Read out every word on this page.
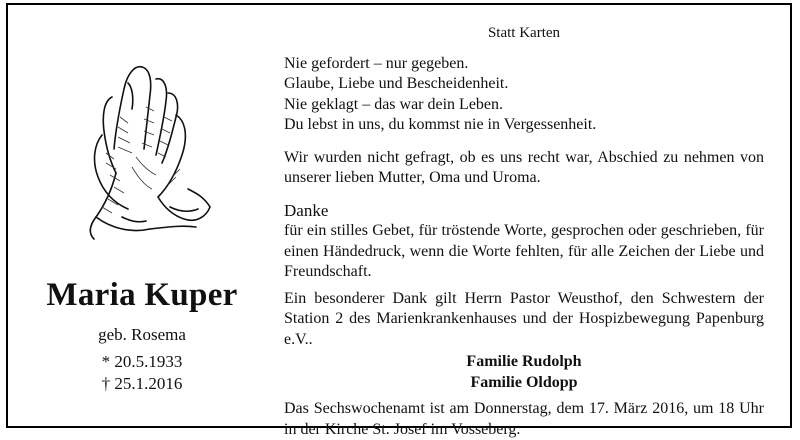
Maria Kuper
geb. Rosema
* 20.5.1933
† 25.1.2016
Statt Karten

Nie gefordert – nur gegeben.

Glaube, Liebe und Bescheidenheit.

Nie geklagt – das war dein Leben.

Du lebst in uns, du kommst nie in Vergessenheit.

Wir wurden nicht gefragt, ob es uns recht war, Abschied zu nehmen von unserer lieben Mutter, Oma und Uroma.

Danke

für ein stilles Gebet, für tröstende Worte, gesprochen oder geschrieben, für einen Händedruck, wenn die Worte fehlten, für alle Zeichen der Liebe und Freundschaft.

Ein besonderer Dank gilt Herrn Pastor Weusthof, den Schwestern der Station 2 des Marienkrankenhauses und der Hospizbewegung Papenburg e.V..

Familie Rudolph
Familie Oldopp

Das Sechswochenamt ist am Donnerstag, dem 17. März 2016, um 18 Uhr in der Kirche St. Josef im Vosseberg.
